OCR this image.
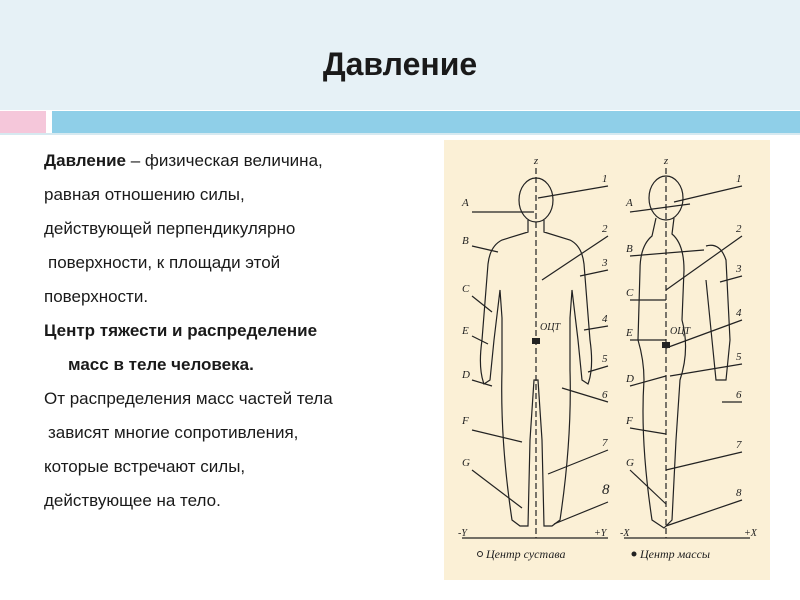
Давление
Давление – физическая величина,
равная отношению силы,
действующей перпендикулярно
поверхности, к площади этой
поверхности.
Центр тяжести и распределение
масс в теле человека.
От распределения масс частей тела
зависят многие сопротивления,
которые встречают силы,
действующее на тело.
z	z
A
B
C
E
D
F
G
1
2
3
4
5
6
7
8
1
2
3
4
5
6
7
8
A
B
C
E
D
F
G
ОЦТ	ОЦТ
-Y	+Y -X	+X
Центр сустава	Центр массы
